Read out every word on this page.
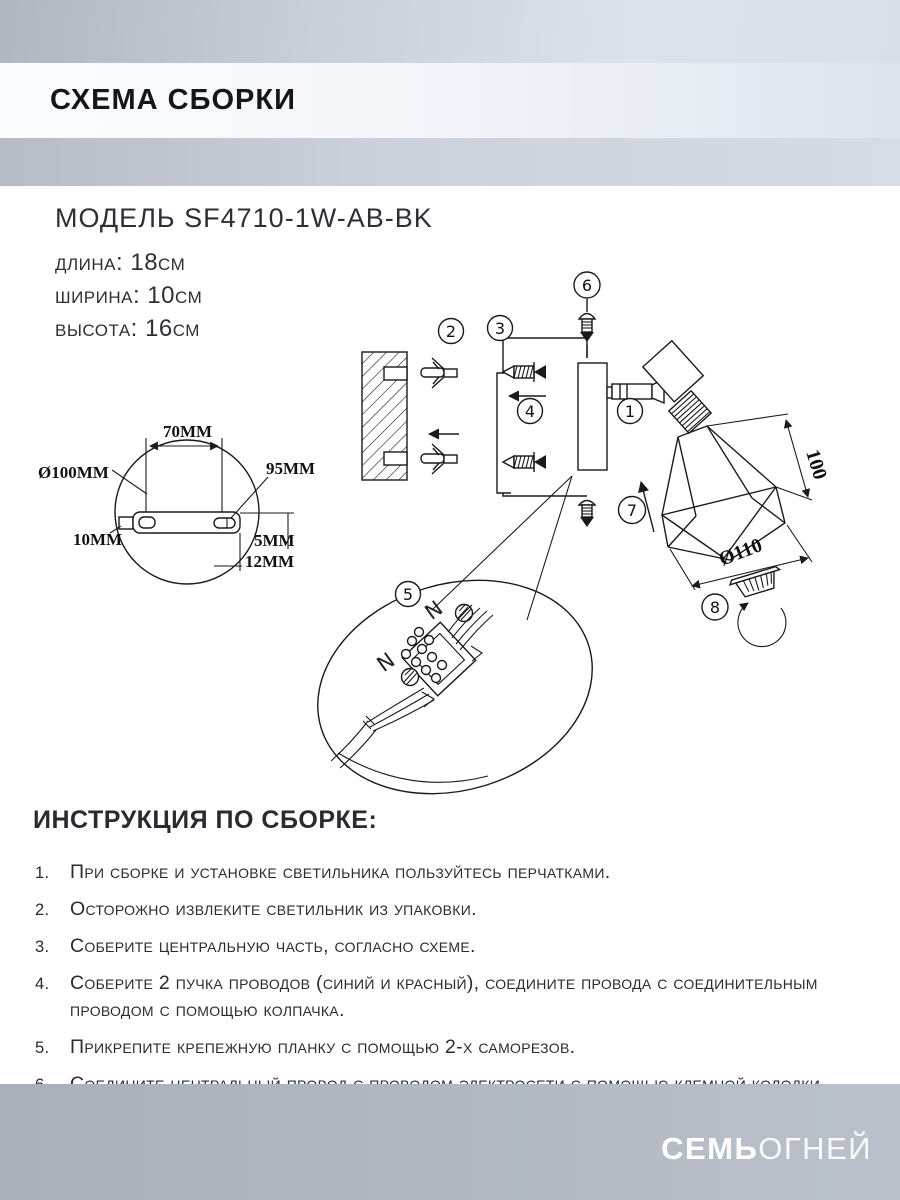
СХЕМА СБОРКИ

МОДЕЛЬ SF4710-1W-AB-BK

длина: 18см

ширина: 10см

высота: 16см

70MM
Ø100MM	95MM
10MM	5MM
12MM
100
Ø110
N
N
1
2 3
4
5
6
7
8

ИНСТРУКЦИЯ ПО СБОРКЕ:

1. При сборке и установке светильника пользуйтесь перчатками.
2. Осторожно извлеките светильник из упаковки.
3. Соберите центральную часть, согласно схеме.
4. Соберите 2 пучка проводов (синий и красный), соедините провода с соединительным проводом с помощью колпачка.
5. Прикрепите крепежную планку с помощью 2-х саморезов.
СЕМЬОГНЕЙ
